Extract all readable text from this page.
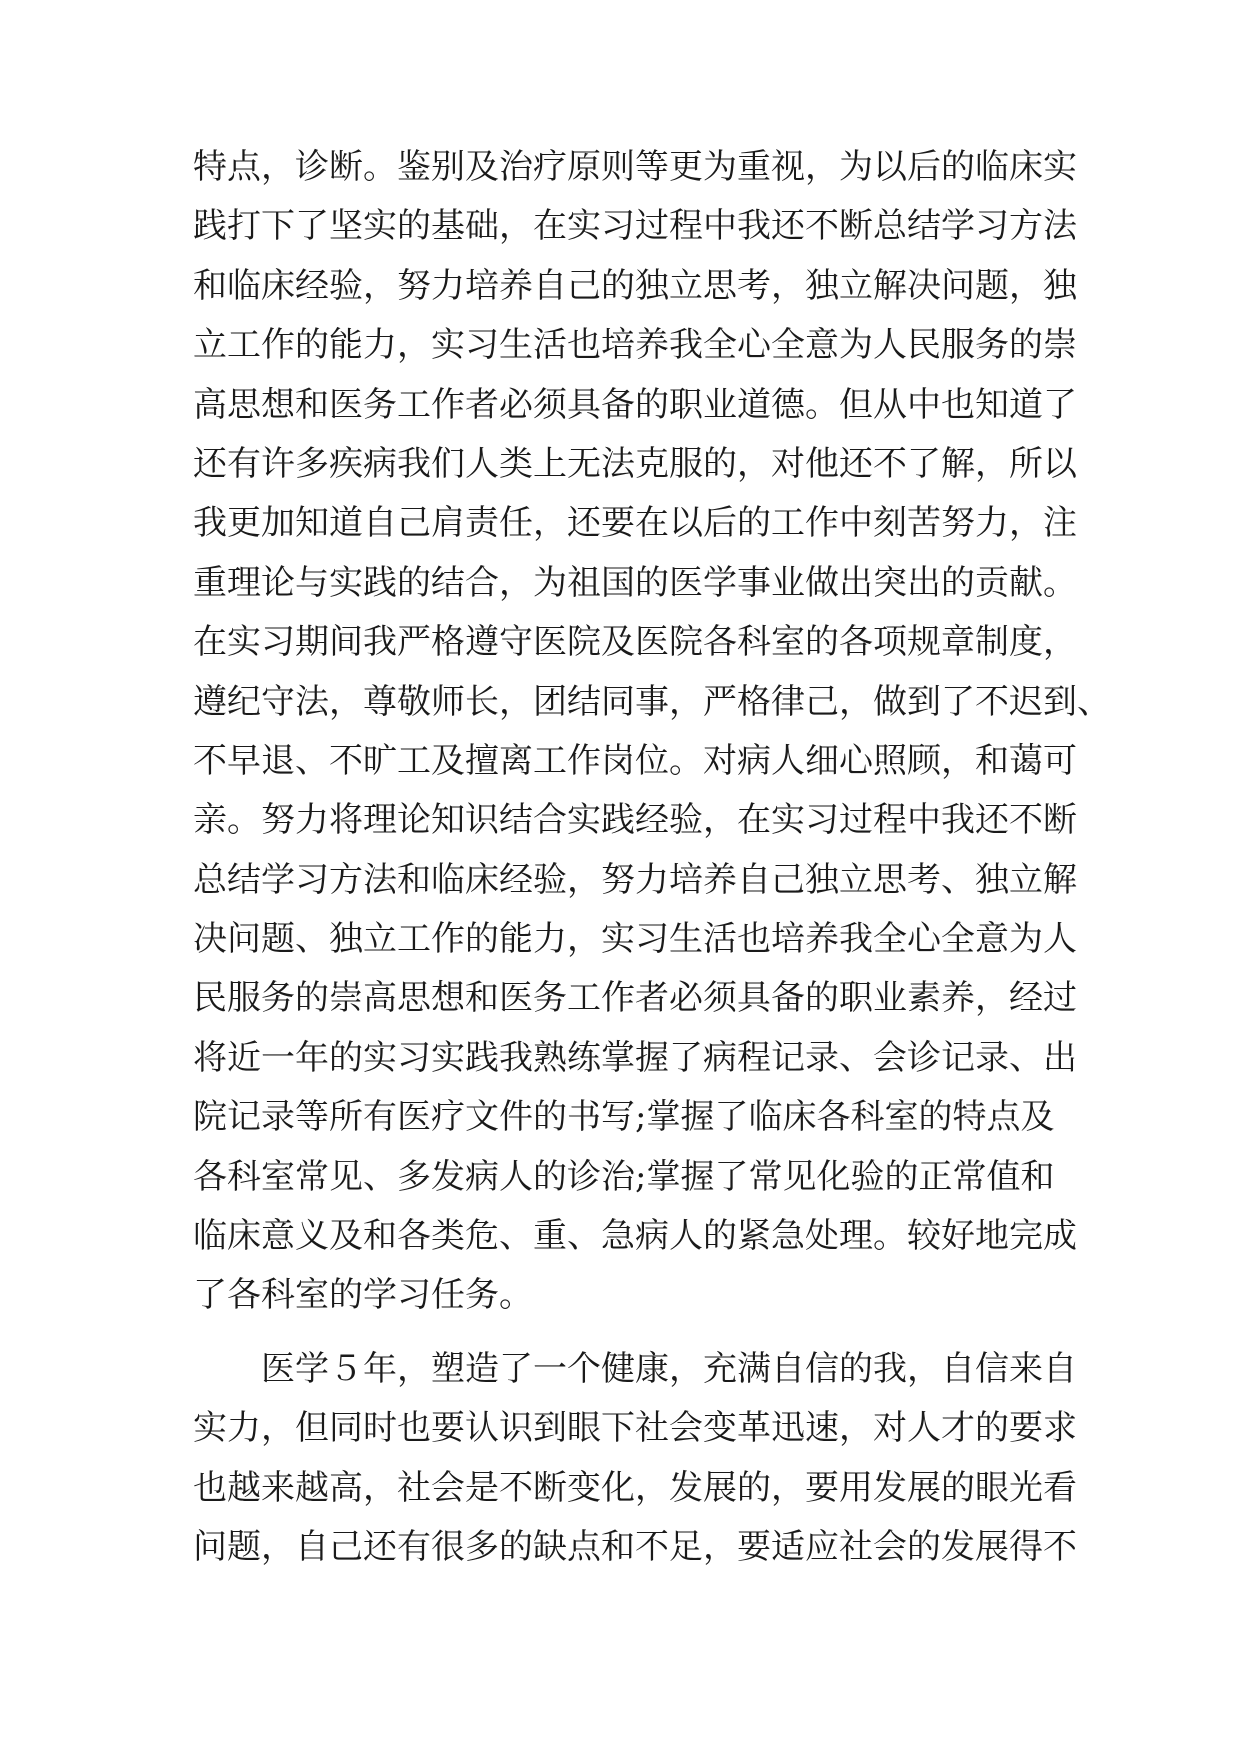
特点，诊断。鉴别及治疗原则等更为重视，为以后的临床实
践打下了坚实的基础，在实习过程中我还不断总结学习方法
和临床经验，努力培养自己的独立思考，独立解决问题，独
立工作的能力，实习生活也培养我全心全意为人民服务的崇
高思想和医务工作者必须具备的职业道德。但从中也知道了
还有许多疾病我们人类上无法克服的，对他还不了解，所以
我更加知道自己肩责任，还要在以后的工作中刻苦努力，注
重理论与实践的结合，为祖国的医学事业做出突出的贡献。
在实习期间我严格遵守医院及医院各科室的各项规章制度，
遵纪守法，尊敬师长，团结同事，严格律己，做到了不迟到、
不早退、不旷工及擅离工作岗位。对病人细心照顾，和蔼可
亲。努力将理论知识结合实践经验，在实习过程中我还不断
总结学习方法和临床经验，努力培养自己独立思考、独立解
决问题、独立工作的能力，实习生活也培养我全心全意为人
民服务的崇高思想和医务工作者必须具备的职业素养，经过
将近一年的实习实践我熟练掌握了病程记录、会诊记录、出
院记录等所有医疗文件的书写;掌握了临床各科室的特点及
各科室常见、多发病人的诊治;掌握了常见化验的正常值和
临床意义及和各类危、重、急病人的紧急处理。较好地完成
了各科室的学习任务。
医学５年，塑造了一个健康，充满自信的我，自信来自
实力，但同时也要认识到眼下社会变革迅速，对人才的要求
也越来越高，社会是不断变化，发展的，要用发展的眼光看
问题，自己还有很多的缺点和不足，要适应社会的发展得不
